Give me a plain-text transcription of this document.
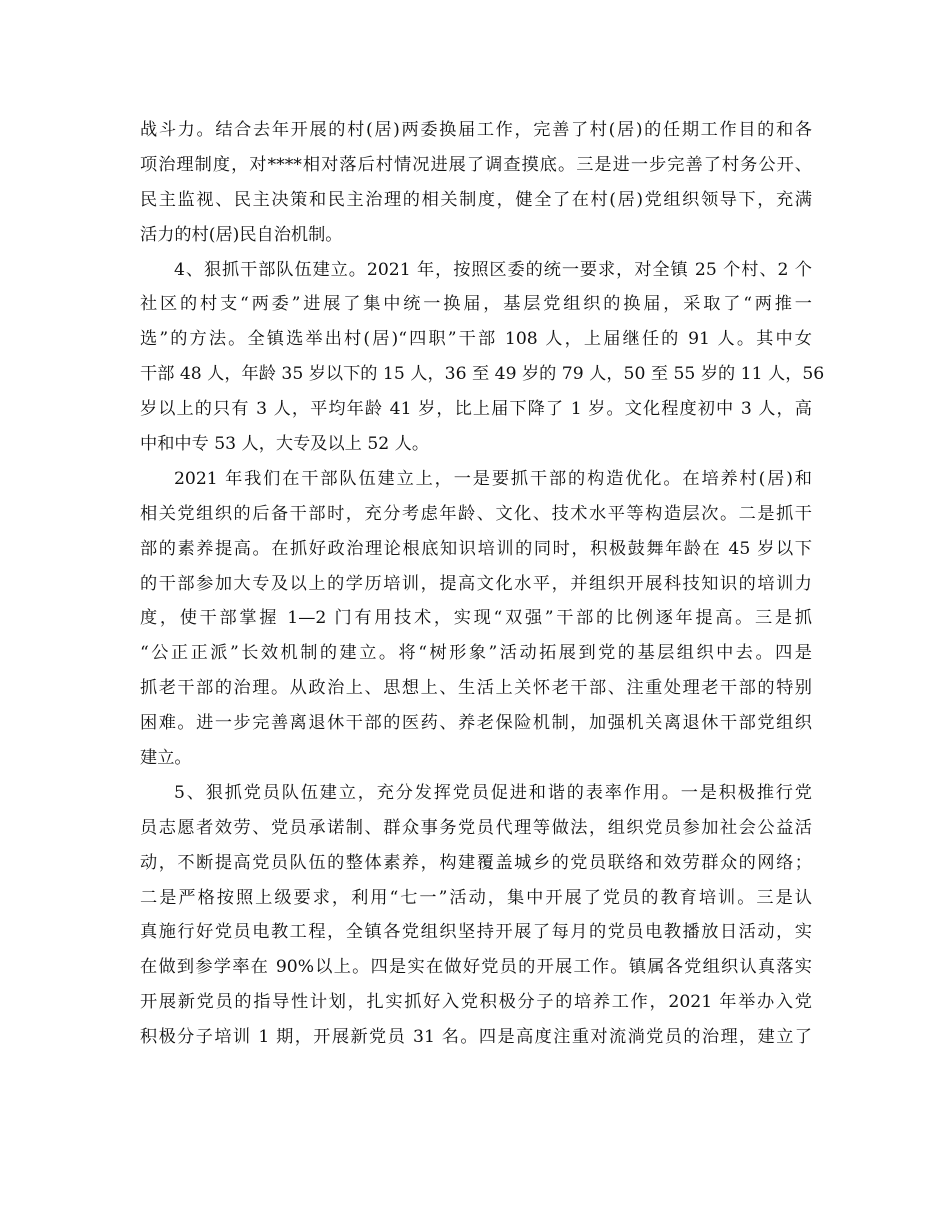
战斗力。结合去年开展的村(居)两委换届工作，完善了村(居)的任期工作目的和各
项治理制度，对****相对落后村情况进展了调查摸底。三是进一步完善了村务公开、
民主监视、民主决策和民主治理的相关制度，健全了在村(居)党组织领导下，充满
活力的村(居)民自治机制。
4、狠抓干部队伍建立。2021 年，按照区委的统一要求，对全镇 25 个村、2 个
社区的村支“两委”进展了集中统一换届，基层党组织的换届，采取了“两推一
选”的方法。全镇选举出村(居)“四职”干部 108 人，上届继任的 91 人。其中女
干部 48 人，年龄 35 岁以下的 15 人，36 至 49 岁的 79 人，50 至 55 岁的 11 人，56
岁以上的只有 3 人，平均年龄 41 岁，比上届下降了 1 岁。文化程度初中 3 人，高
中和中专 53 人，大专及以上 52 人。
2021 年我们在干部队伍建立上，一是要抓干部的构造优化。在培养村(居)和
相关党组织的后备干部时，充分考虑年龄、文化、技术水平等构造层次。二是抓干
部的素养提高。在抓好政治理论根底知识培训的同时，积极鼓舞年龄在 45 岁以下
的干部参加大专及以上的学历培训，提高文化水平，并组织开展科技知识的培训力
度，使干部掌握 1—2 门有用技术，实现“双强”干部的比例逐年提高。三是抓
“公正正派”长效机制的建立。将“树形象”活动拓展到党的基层组织中去。四是
抓老干部的治理。从政治上、思想上、生活上关怀老干部、注重处理老干部的特别
困难。进一步完善离退休干部的医药、养老保险机制，加强机关离退休干部党组织
建立。
5、狠抓党员队伍建立，充分发挥党员促进和谐的表率作用。一是积极推行党
员志愿者效劳、党员承诺制、群众事务党员代理等做法，组织党员参加社会公益活
动，不断提高党员队伍的整体素养，构建覆盖城乡的党员联络和效劳群众的网络；
二是严格按照上级要求，利用“七一”活动，集中开展了党员的教育培训。三是认
真施行好党员电教工程，全镇各党组织坚持开展了每月的党员电教播放日活动，实
在做到参学率在 90%以上。四是实在做好党员的开展工作。镇属各党组织认真落实
开展新党员的指导性计划，扎实抓好入党积极分子的培养工作，2021 年举办入党
积极分子培训 1 期，开展新党员 31 名。四是高度注重对流淌党员的治理，建立了
